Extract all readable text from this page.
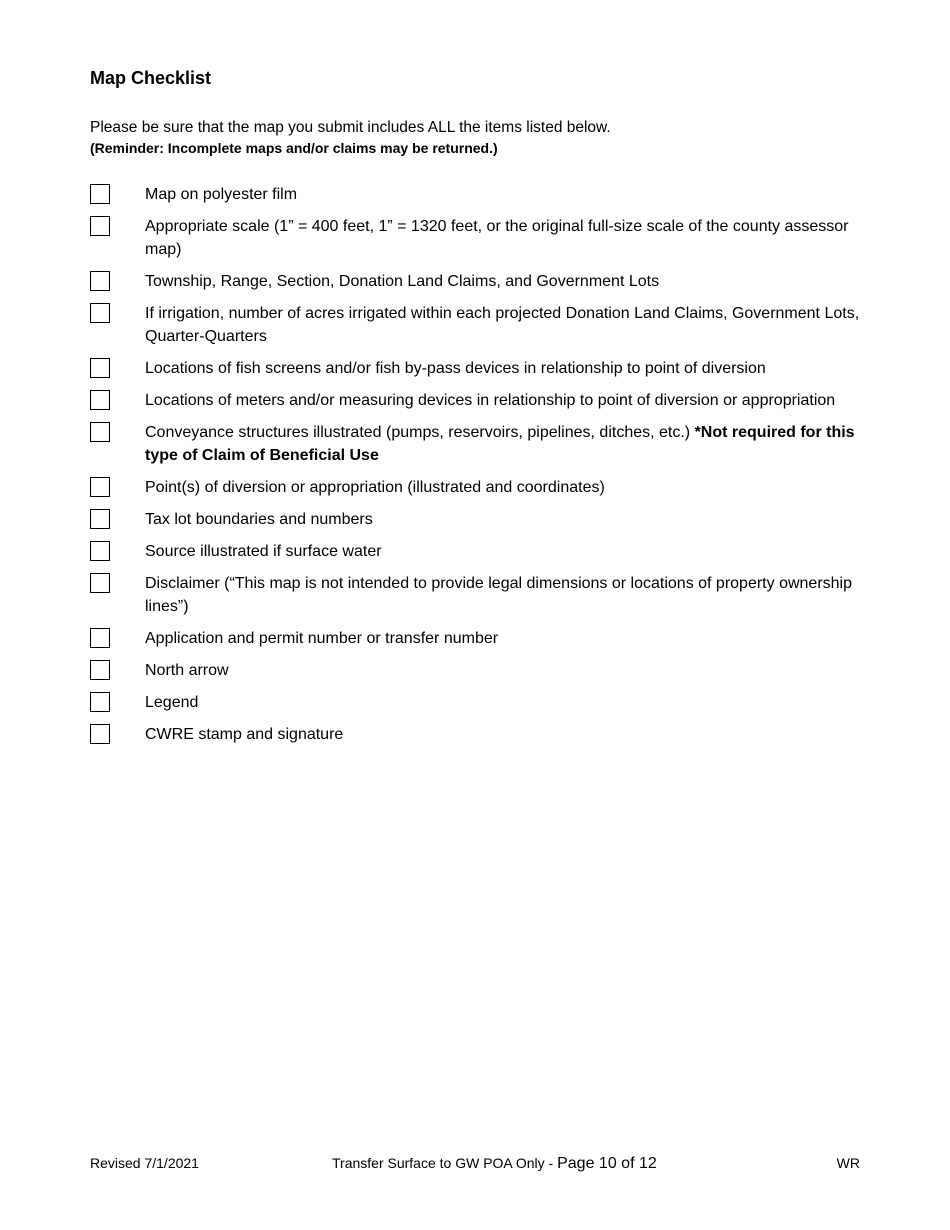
Map Checklist
Please be sure that the map you submit includes ALL the items listed below.
(Reminder: Incomplete maps and/or claims may be returned.)
Map on polyester film
Appropriate scale (1” = 400 feet, 1” = 1320 feet, or the original full-size scale of the county assessor map)
Township, Range, Section, Donation Land Claims, and Government Lots
If irrigation, number of acres irrigated within each projected Donation Land Claims, Government Lots, Quarter-Quarters
Locations of fish screens and/or fish by-pass devices in relationship to point of diversion
Locations of meters and/or measuring devices in relationship to point of diversion or appropriation
Conveyance structures illustrated (pumps, reservoirs, pipelines, ditches, etc.) *Not required for this type of Claim of Beneficial Use
Point(s) of diversion or appropriation (illustrated and coordinates)
Tax lot boundaries and numbers
Source illustrated if surface water
Disclaimer (“This map is not intended to provide legal dimensions or locations of property ownership lines”)
Application and permit number or transfer number
North arrow
Legend
CWRE stamp and signature
Revised 7/1/2021	Transfer Surface to GW POA Only - Page 10 of 12	WR
